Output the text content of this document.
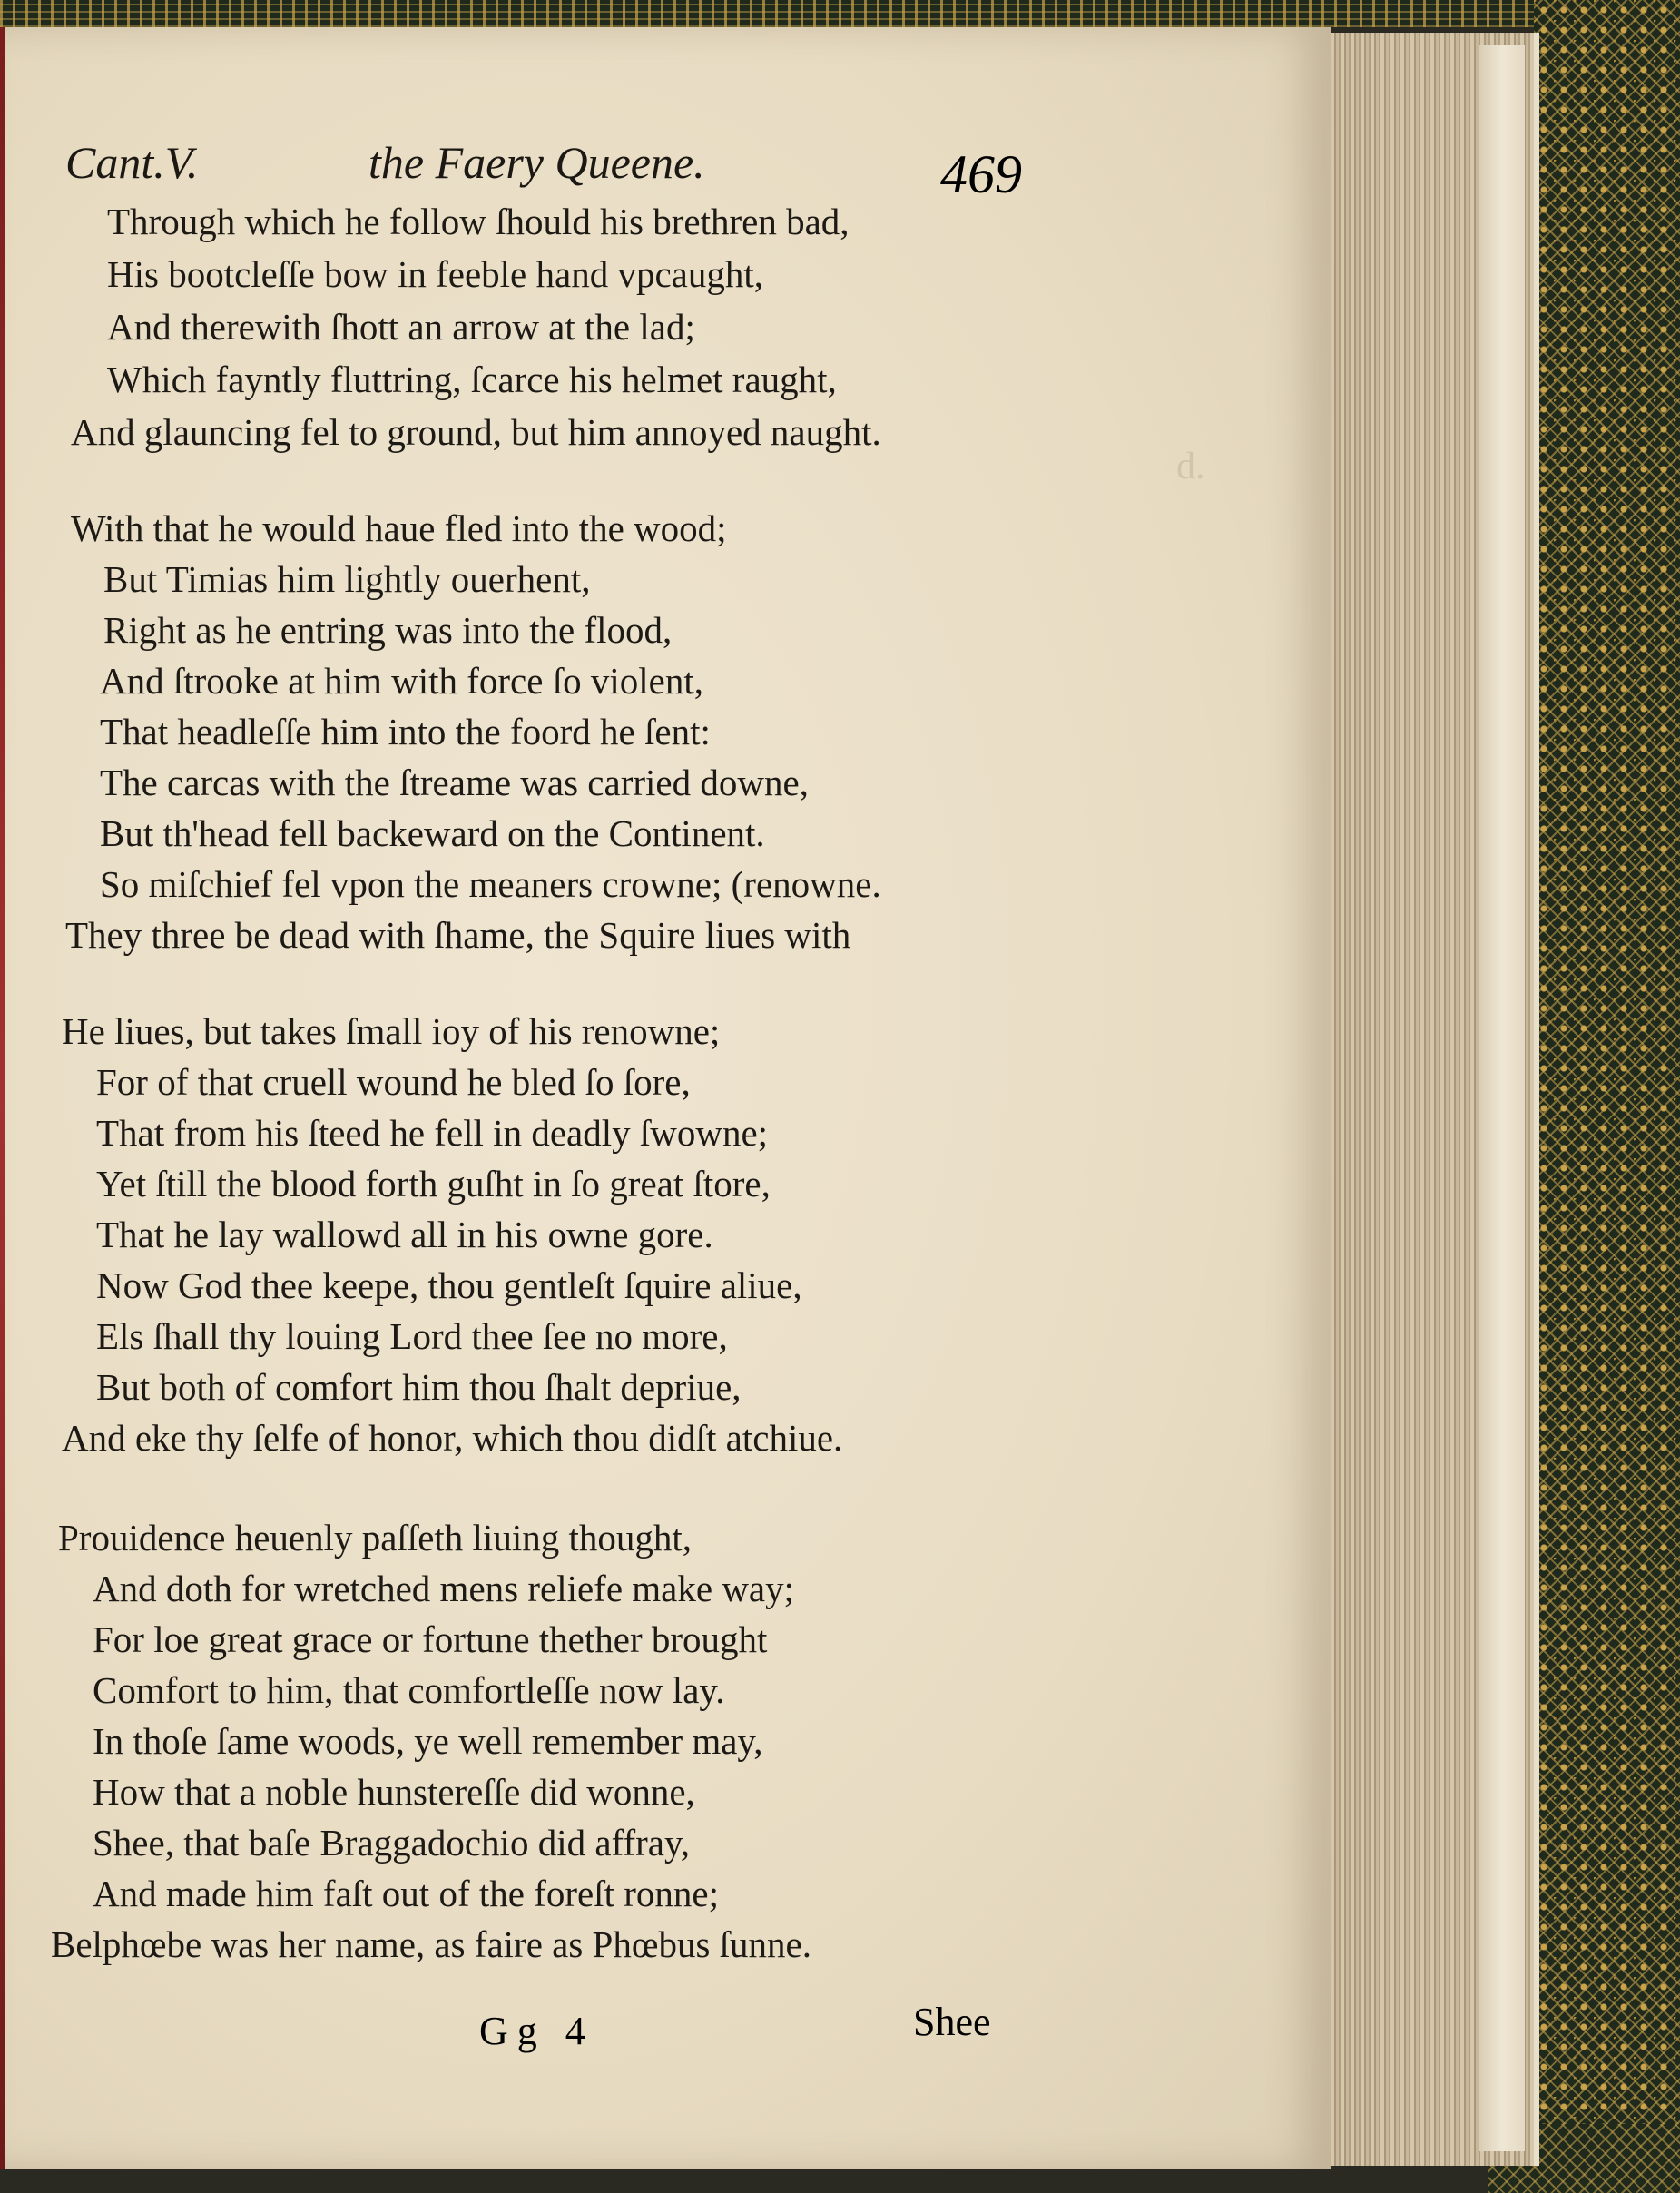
d.
Cant.V.	the Faery Queene.	469
Through which he follow ſhould his brethren bad,
His bootcleſſe bow in feeble hand vpcaught,
And therewith ſhott an arrow at the lad;
Which fayntly fluttring, ſcarce his helmet raught,
And glauncing fel to ground, but him annoyed naught.
With that he would haue fled into the wood;
But Timias him lightly ouerhent,
Right as he entring was into the flood,
And ſtrooke at him with force ſo violent,
That headleſſe him into the foord he ſent:
The carcas with the ſtreame was carried downe,
But th'head fell backeward on the Continent.
So miſchief fel vpon the meaners crowne; (renowne.
They three be dead with ſhame, the Squire liues with
He liues, but takes ſmall ioy of his renowne;
For of that cruell wound he bled ſo ſore,
That from his ſteed he fell in deadly ſwowne;
Yet ſtill the blood forth guſht in ſo great ſtore,
That he lay wallowd all in his owne gore.
Now God thee keepe, thou gentleſt ſquire aliue,
Els ſhall thy louing Lord thee ſee no more,
But both of comfort him thou ſhalt depriue,
And eke thy ſelfe of honor, which thou didſt atchiue.
Prouidence heuenly paſſeth liuing thought,
And doth for wretched mens reliefe make way;
For loe great grace or fortune thether brought
Comfort to him, that comfortleſſe now lay.
In thoſe ſame woods, ye well remember may,
How that a noble hunstereſſe did wonne,
Shee, that baſe Braggadochio did affray,
And made him faſt out of the foreſt ronne;
Belphœbe was her name, as faire as Phœbus ſunne.
Gg 4	Shee
